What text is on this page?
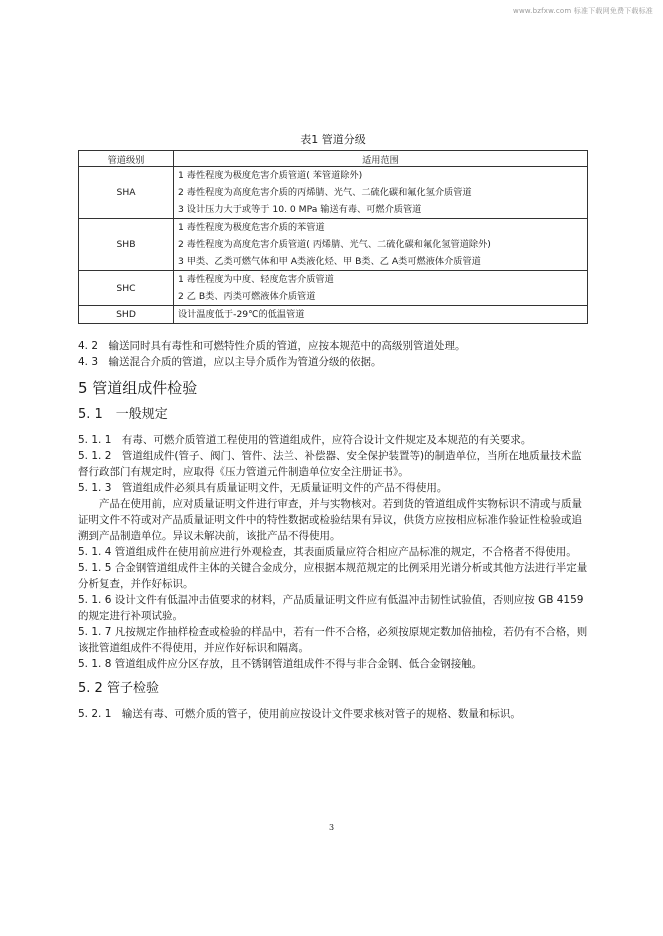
www.bzfxw.com 标准下载网免费下载标准
表1 管道分级
管道级别	适用范围
SHA	1 毒性程度为极度危害介质管道( 苯管道除外)
2 毒性程度为高度危害介质的丙烯腈、光气、二硫化碳和氟化氢介质管道
3 设计压力大于或等于 10. 0 MPa 输送有毒、可燃介质管道

SHB	1 毒性程度为极度危害介质的苯管道
2 毒性程度为高度危害介质管道( 丙烯腈、光气、二硫化碳和氟化氢管道除外)
3 甲类、乙类可燃气体和甲 A类液化烃、甲 B类、乙 A类可燃液体介质管道

SHC	1 毒性程度为中度、轻度危害介质管道
2 乙 B类、丙类可燃液体介质管道

SHD	设计温度低于-29℃的低温管道

4. 2　输送同时具有毒性和可燃特性介质的管道，应按本规范中的高级别管道处理。

4. 3　输送混合介质的管道，应以主导介质作为管道分级的依据。

5 管道组成件检验
5. 1　一般规定

5. 1. 1　有毒、可燃介质管道工程使用的管道组成件，应符合设计文件规定及本规范的有关要求。

5. 1. 2　管道组成件(管子、阀门、管件、法兰、补偿器、安全保护装置等)的制造单位，当所在地质量技术监督行政部门有规定时，应取得《压力管道元件制造单位安全注册证书》。

5. 1. 3　管道组成件必须具有质量证明文件，无质量证明文件的产品不得使用。

产品在使用前，应对质量证明文件进行审查，并与实物核对。若到货的管道组成件实物标识不清或与质量证明文件不符或对产品质量证明文件中的特性数据或检验结果有异议，供货方应按相应标准作验证性检验或追溯到产品制造单位。异议未解决前，该批产品不得使用。

5. 1. 4 管道组成件在使用前应进行外观检查，其表面质量应符合相应产品标准的规定，不合格者不得使用。

5. 1. 5 合金钢管道组成件主体的关键合金成分，应根据本规范规定的比例采用光谱分析或其他方法进行半定量分析复查，并作好标识。

5. 1. 6 设计文件有低温冲击值要求的材料，产品质量证明文件应有低温冲击韧性试验值，否则应按 GB 4159的规定进行补项试验。

5. 1. 7 凡按规定作抽样检查或检验的样品中，若有一件不合格，必须按原规定数加倍抽检，若仍有不合格，则该批管道组成件不得使用，并应作好标识和隔离。

5. 1. 8 管道组成件应分区存放，且不锈钢管道组成件不得与非合金钢、低合金钢接触。

5. 2 管子检验

5. 2. 1　输送有毒、可燃介质的管子，使用前应按设计文件要求核对管子的规格、数量和标识。

3
